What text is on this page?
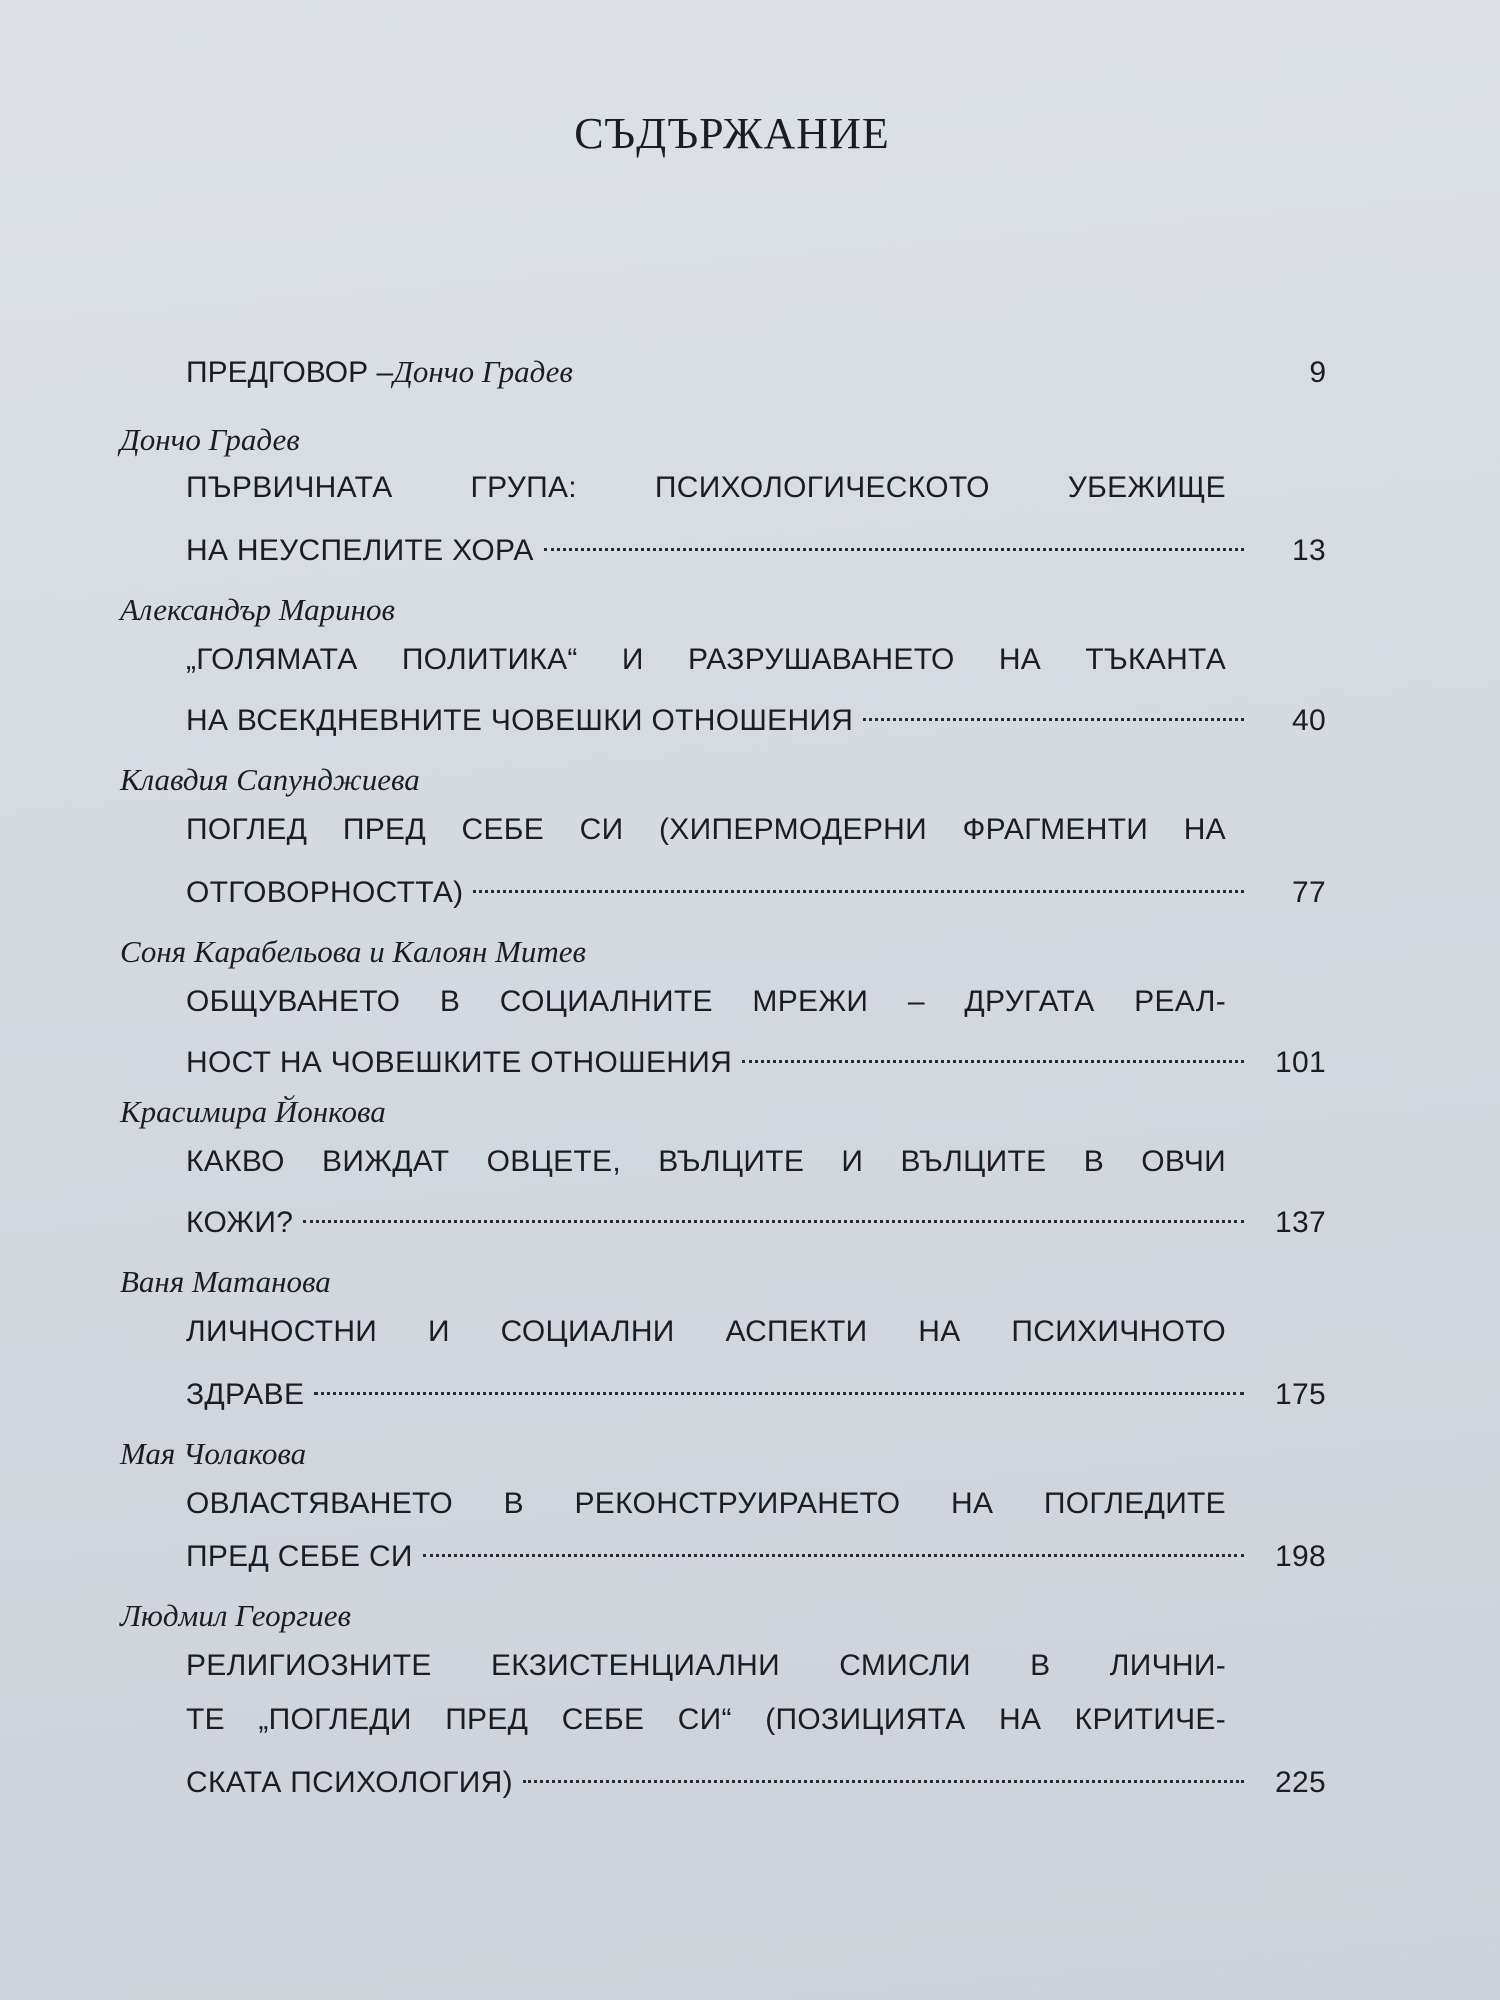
СЪДЪРЖАНИЕ
ПРЕДГОВОР – Дончо Градев	9
Дончо Градев
ПЪРВИЧНАТА ГРУПА: ПСИХОЛОГИЧЕСКОТО УБЕЖИЩЕ
НА НЕУСПЕЛИТЕ ХОРА	13
Александър Маринов
„ГОЛЯМАТА ПОЛИТИКА“ И РАЗРУШАВАНЕТО НА ТЪКАНТА
НА ВСЕКДНЕВНИТЕ ЧОВЕШКИ ОТНОШЕНИЯ	40
Клавдия Сапунджиева
ПОГЛЕД ПРЕД СЕБЕ СИ (ХИПЕРМОДЕРНИ ФРАГМЕНТИ НА
ОТГОВОРНОСТТА)	77
Соня Карабельова и Калоян Митев
ОБЩУВАНЕТО В СОЦИАЛНИТЕ МРЕЖИ – ДРУГАТА РЕАЛ-
НОСТ НА ЧОВЕШКИТЕ ОТНОШЕНИЯ	101
Красимира Йонкова
КАКВО ВИЖДАТ ОВЦЕТЕ, ВЪЛЦИТЕ И ВЪЛЦИТЕ В ОВЧИ
КОЖИ?	137
Ваня Матанова
ЛИЧНОСТНИ И СОЦИАЛНИ АСПЕКТИ НА ПСИХИЧНОТО
ЗДРАВЕ	175
Мая Чолакова
ОВЛАСТЯВАНЕТО В РЕКОНСТРУИРАНЕТО НА ПОГЛЕДИТЕ
ПРЕД СЕБЕ СИ	198
Людмил Георгиев
РЕЛИГИОЗНИТЕ ЕКЗИСТЕНЦИАЛНИ СМИСЛИ В ЛИЧНИ-
ТЕ „ПОГЛЕДИ ПРЕД СЕБЕ СИ“ (ПОЗИЦИЯТА НА КРИТИЧЕ-
СКАТА ПСИХОЛОГИЯ)	225
